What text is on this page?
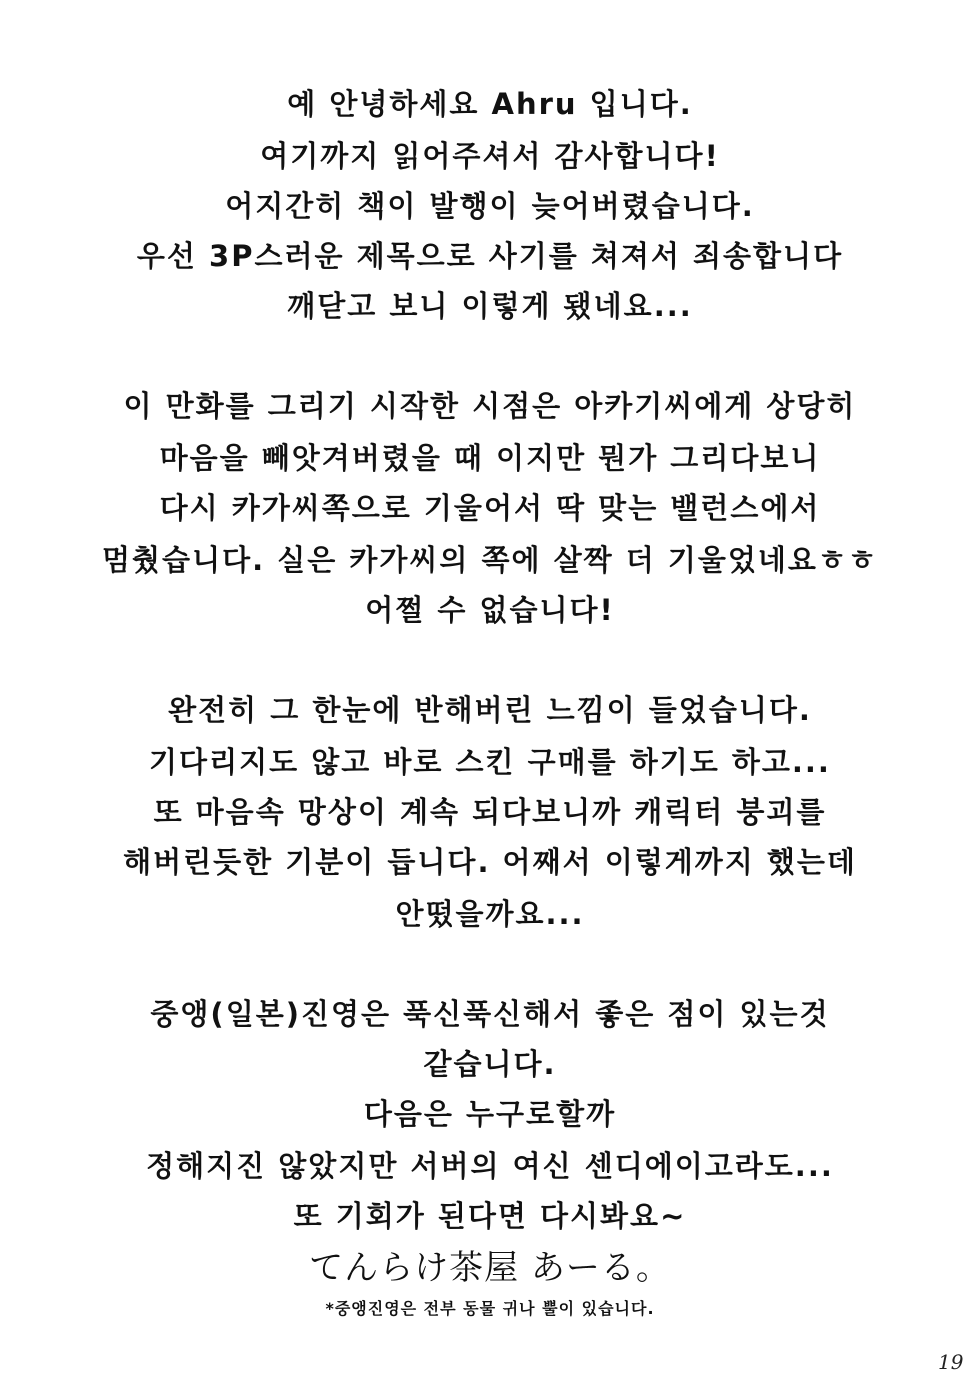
예 안녕하세요 Ahru 입니다.
여기까지 읽어주셔서 감사합니다!
어지간히 책이 발행이 늦어버렸습니다.
우선 3P스러운 제목으로 사기를 쳐져서 죄송합니다
깨닫고 보니 이렇게 됐네요...
이 만화를 그리기 시작한 시점은 아카기씨에게 상당히
마음을 빼앗겨버렸을 때 이지만 뭔가 그리다보니
다시 카가씨쪽으로 기울어서 딱 맞는 밸런스에서
멈췄습니다. 실은 카가씨의 쪽에 살짝 더 기울었네요ㅎㅎ
어쩔 수 없습니다!
완전히 그 한눈에 반해버린 느낌이 들었습니다.
기다리지도 않고 바로 스킨 구매를 하기도 하고...
또 마음속 망상이 계속 되다보니까 캐릭터 붕괴를
해버린듯한 기분이 듭니다. 어째서 이렇게까지 했는데
안떴을까요...
중앵(일본)진영은 푹신푹신해서 좋은 점이 있는것
같습니다.
다음은 누구로할까
정해지진 않았지만 서버의 여신 센디에이고라도...
또 기회가 된다면 다시봐요~
てんらけ茶屋 あーる。
*중앵진영은 전부 동물 귀나 뿔이 있습니다.
19
